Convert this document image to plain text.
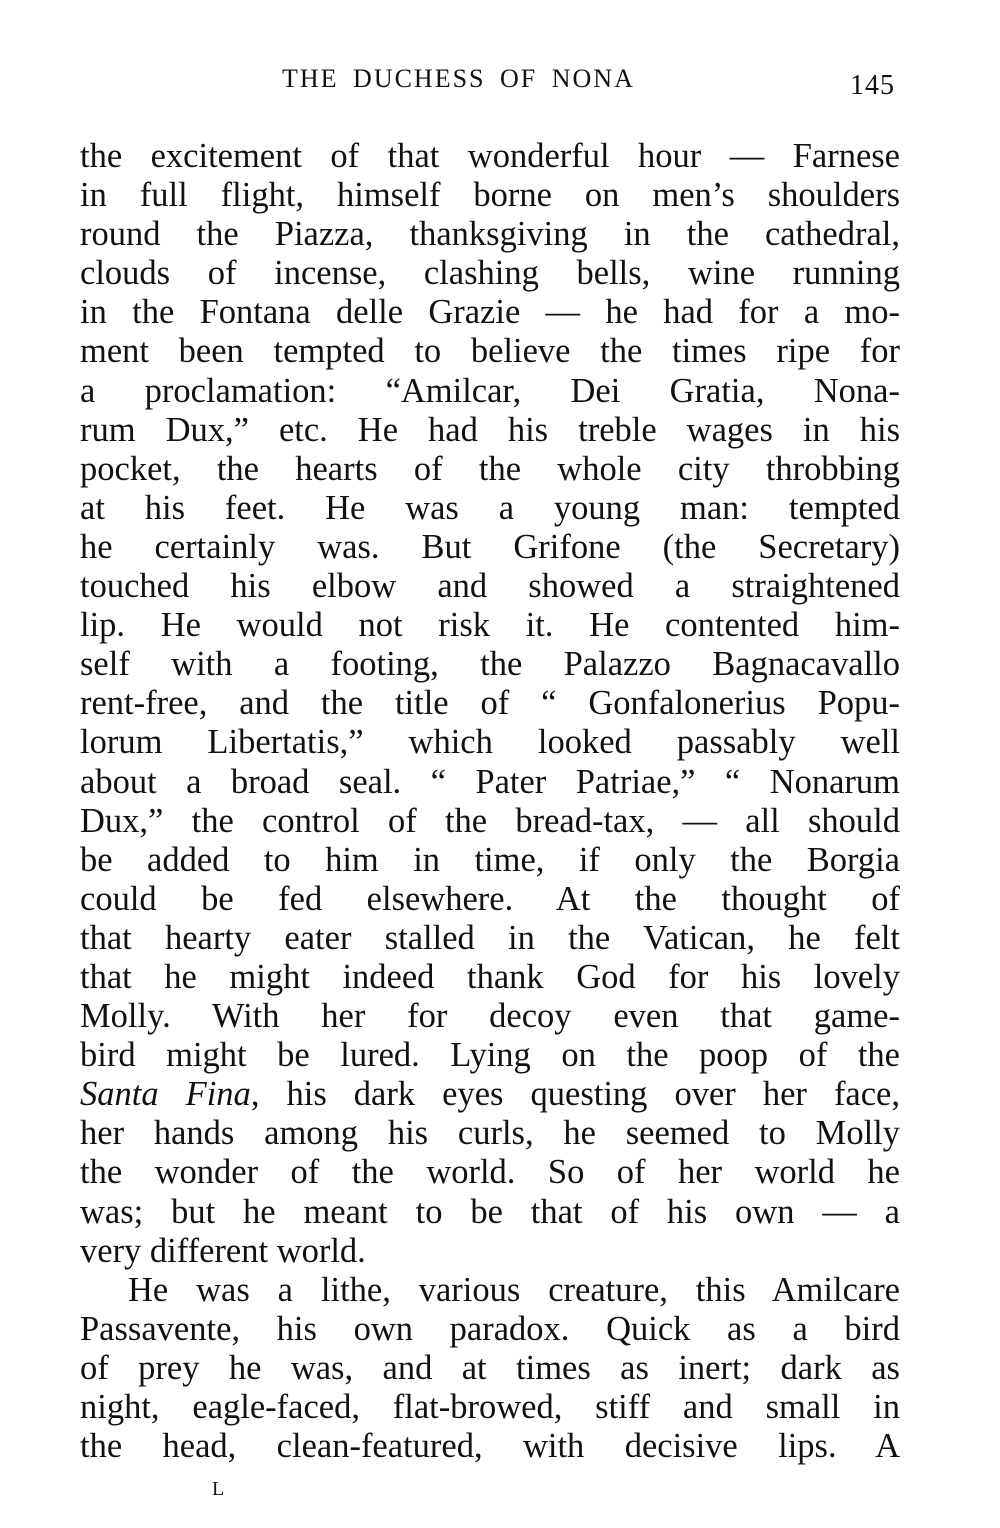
THE DUCHESS OF NONA	145
the excitement of that wonderful hour — Farnese
in full flight, himself borne on men’s shoulders
round the Piazza, thanksgiving in the cathedral,
clouds of incense, clashing bells, wine running
in the Fontana delle Grazie — he had for a mo-
ment been tempted to believe the times ripe for
a proclamation: “Amilcar, Dei Gratia, Nona-
rum Dux,” etc. He had his treble wages in his
pocket, the hearts of the whole city throbbing
at his feet. He was a young man: tempted
he certainly was. But Grifone (the Secretary)
touched his elbow and showed a straightened
lip. He would not risk it. He contented him-
self with a footing, the Palazzo Bagnacavallo
rent-free, and the title of “ Gonfalonerius Popu-
lorum Libertatis,” which looked passably well
about a broad seal. “ Pater Patriae,” “ Nonarum
Dux,” the control of the bread-tax, — all should
be added to him in time, if only the Borgia
could be fed elsewhere. At the thought of
that hearty eater stalled in the Vatican, he felt
that he might indeed thank God for his lovely
Molly. With her for decoy even that game-
bird might be lured. Lying on the poop of the
Santa Fina, his dark eyes questing over her face,
her hands among his curls, he seemed to Molly
the wonder of the world. So of her world he
was; but he meant to be that of his own — a
very different world.
He was a lithe, various creature, this Amilcare
Passavente, his own paradox. Quick as a bird
of prey he was, and at times as inert; dark as
night, eagle-faced, flat-browed, stiff and small in
the head, clean-featured, with decisive lips. A
L
